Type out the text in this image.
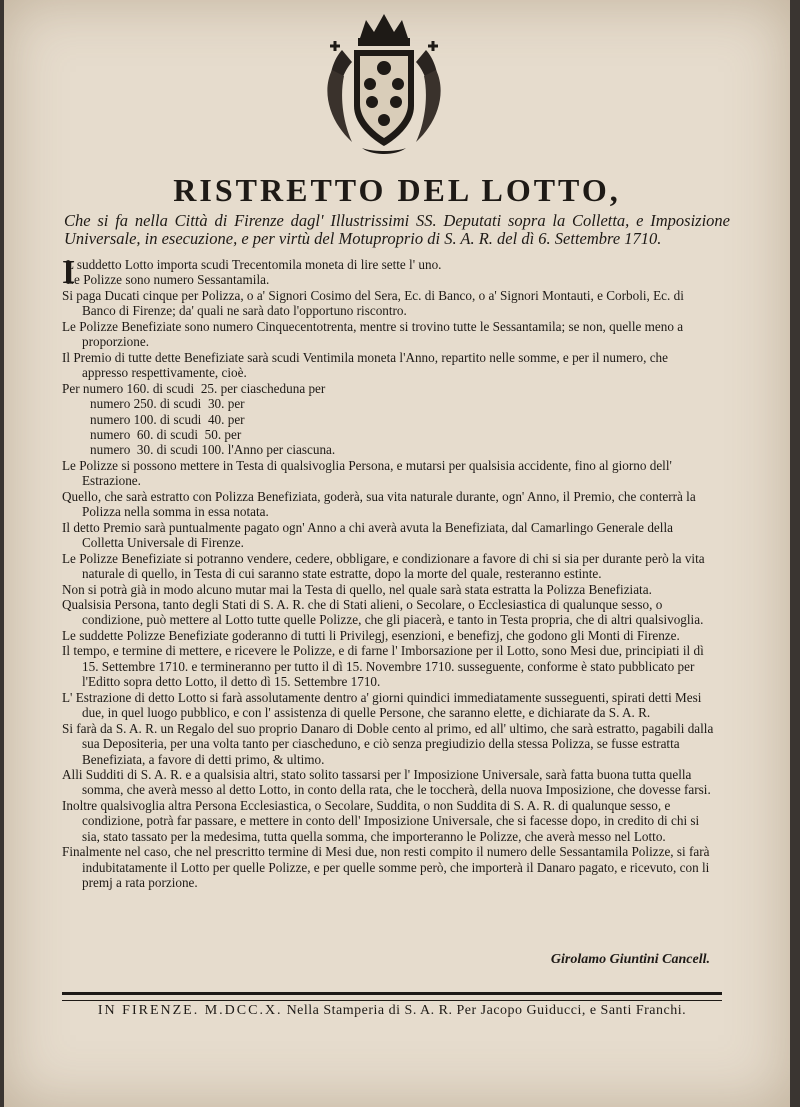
RISTRETTO DEL LOTTO,

Che si fa nella Città di Firenze dagl' Illustrissimi SS. Deputati sopra la Colletta, e Imposizione Universale, in esecuzione, e per virtù del Motuproprio di S. A. R. del dì 6. Settembre 1710.

I
L suddetto Lotto importa scudi Trecentomila moneta di lire sette l' uno.

Le Polizze sono numero Sessantamila.

Si paga Ducati cinque per Polizza, o a' Signori Cosimo del Sera, Ec. di Banco, o a' Signori Montauti, e Corboli, Ec. di Banco di Firenze; da' quali ne sarà dato l'opportuno riscontro.

Le Polizze Benefiziate sono numero Cinquecentotrenta, mentre si trovino tutte le Sessantamila; se non, quelle meno a proporzione.

Il Premio di tutte dette Benefiziate sarà scudi Ventimila moneta l'Anno, repartito nelle somme, e per il numero, che appresso respettivamente, cioè.

Per numero 160. di scudi  25. per ciascheduna per

numero 250. di scudi  30. per

numero 100. di scudi  40. per

numero  60. di scudi  50. per

numero  30. di scudi 100. l'Anno per ciascuna.

Le Polizze si possono mettere in Testa di qualsivoglia Persona, e mutarsi per qualsisia accidente, fino al giorno dell' Estrazione.

Quello, che sarà estratto con Polizza Benefiziata, goderà, sua vita naturale durante, ogn' Anno, il Premio, che conterrà la Polizza nella somma in essa notata.

Il detto Premio sarà puntualmente pagato ogn' Anno a chi averà avuta la Benefiziata, dal Camarlingo Generale della Colletta Universale di Firenze.

Le Polizze Benefiziate si potranno vendere, cedere, obbligare, e condizionare a favore di chi si sia per durante però la vita naturale di quello, in Testa di cui saranno state estratte, dopo la morte del quale, resteranno estinte.

Non si potrà già in modo alcuno mutar mai la Testa di quello, nel quale sarà stata estratta la Polizza Benefiziata.

Qualsisia Persona, tanto degli Stati di S. A. R. che di Stati alieni, o Secolare, o Ecclesiastica di qualunque sesso, o condizione, può mettere al Lotto tutte quelle Polizze, che gli piacerà, e tanto in Testa propria, che di altri qualsivoglia.

Le suddette Polizze Benefiziate goderanno di tutti li Privilegj, esenzioni, e benefizj, che godono gli Monti di Firenze.

Il tempo, e termine di mettere, e ricevere le Polizze, e di farne l' Imborsazione per il Lotto, sono Mesi due, principiati il dì 15. Settembre 1710. e termineranno per tutto il dì 15. Novembre 1710. susseguente, conforme è stato pubblicato per l'Editto sopra detto Lotto, il detto dì 15. Settembre 1710.

L' Estrazione di detto Lotto si farà assolutamente dentro a' giorni quindici immediatamente susseguenti, spirati detti Mesi due, in quel luogo pubblico, e con l' assistenza di quelle Persone, che saranno elette, e dichiarate da S. A. R.

Si farà da S. A. R. un Regalo del suo proprio Danaro di Doble cento al primo, ed all' ultimo, che sarà estratto, pagabili dalla sua Depositeria, per una volta tanto per ciascheduno, e ciò senza pregiudizio della stessa Polizza, se fusse estratta Benefiziata, a favore di detti primo, & ultimo.

Alli Sudditi di S. A. R. e a qualsisia altri, stato solito tassarsi per l' Imposizione Universale, sarà fatta buona tutta quella somma, che averà messo al detto Lotto, in conto della rata, che le toccherà, della nuova Imposizione, che dovesse farsi.

Inoltre qualsivoglia altra Persona Ecclesiastica, o Secolare, Suddita, o non Suddita di S. A. R. di qualunque sesso, e condizione, potrà far passare, e mettere in conto dell' Imposizione Universale, che si facesse dopo, in credito di chi si sia, stato tassato per la medesima, tutta quella somma, che importeranno le Polizze, che averà messo nel Lotto.

Finalmente nel caso, che nel prescritto termine di Mesi due, non resti compito il numero delle Sessantamila Polizze, si farà indubitatamente il Lotto per quelle Polizze, e per quelle somme però, che importerà il Danaro pagato, e ricevuto, con li premj a rata porzione.

Girolamo Giuntini Cancell.
IN FIRENZE. M.DCC.X. Nella Stamperia di S. A. R. Per Jacopo Guiducci, e Santi Franchi.
